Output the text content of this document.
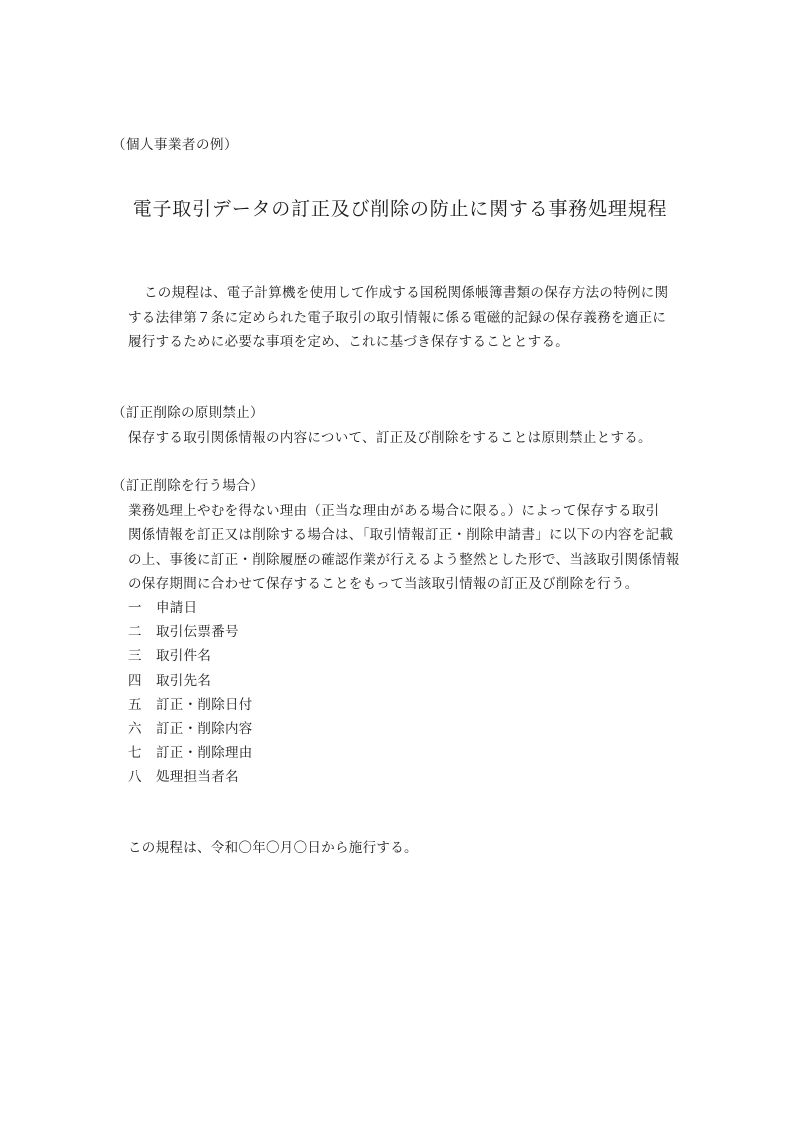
（個人事業者の例）
電子取引データの訂正及び削除の防止に関する事務処理規程
この規程は、電子計算機を使用して作成する国税関係帳簿書類の保存方法の特例に関
する法律第７条に定められた電子取引の取引情報に係る電磁的記録の保存義務を適正に
履行するために必要な事項を定め、これに基づき保存することとする。
（訂正削除の原則禁止）
保存する取引関係情報の内容について、訂正及び削除をすることは原則禁止とする。
（訂正削除を行う場合）
業務処理上やむを得ない理由（正当な理由がある場合に限る。）によって保存する取引
関係情報を訂正又は削除する場合は、「取引情報訂正・削除申請書」に以下の内容を記載
の上、事後に訂正・削除履歴の確認作業が行えるよう整然とした形で、当該取引関係情報
の保存期間に合わせて保存することをもって当該取引情報の訂正及び削除を行う。
一 申請日
二 取引伝票番号
三 取引件名
四 取引先名
五 訂正・削除日付
六 訂正・削除内容
七 訂正・削除理由
八 処理担当者名
この規程は、令和〇年〇月〇日から施行する。
